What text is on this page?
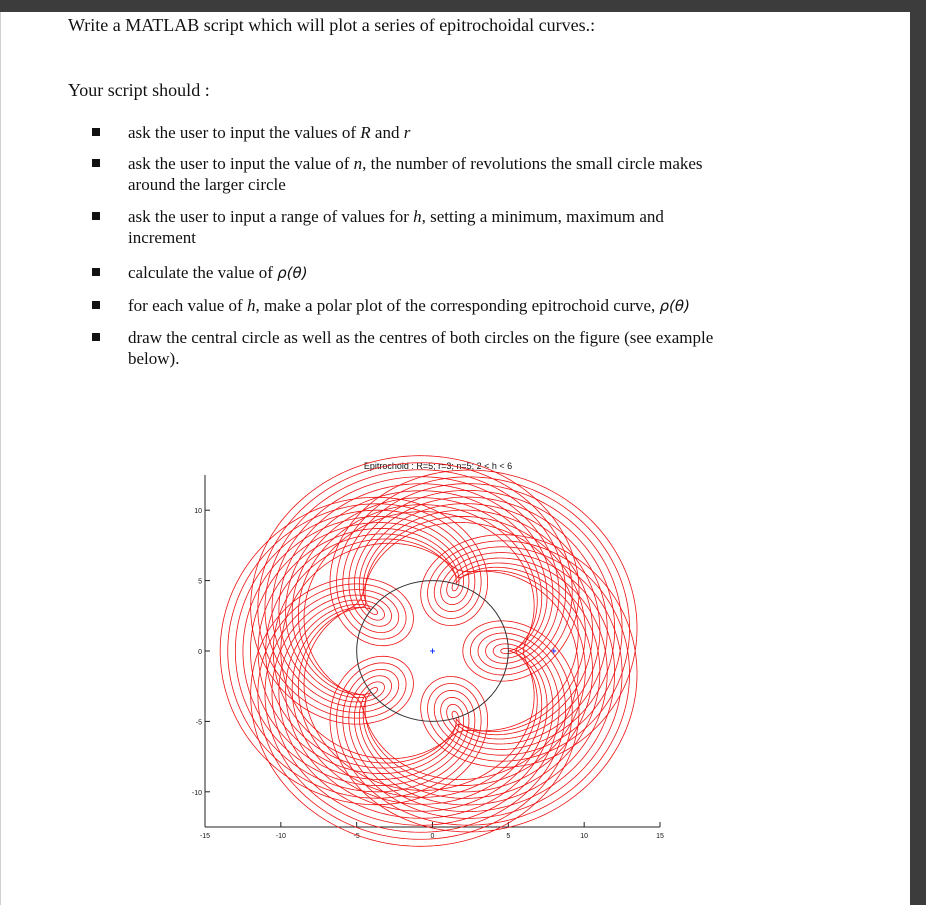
Write a MATLAB script which will plot a series of epitrochoidal curves.:
Your script should :
ask the user to input the values of R and r
ask the user to input the value of n, the number of revolutions the small circle makes
around the larger circle
ask the user to input a range of values for h, setting a minimum, maximum and
increment
calculate the value of ρ(θ)
for each value of h, make a polar plot of the corresponding epitrochoid curve, ρ(θ)
draw the central circle as well as the centres of both circles on the figure (see example
below).
Epitrochoid : R=5; r=3; n=5; 2 < h < 6
10
5
0
-5
-10
-15	-10	-5	0	5	10	15
